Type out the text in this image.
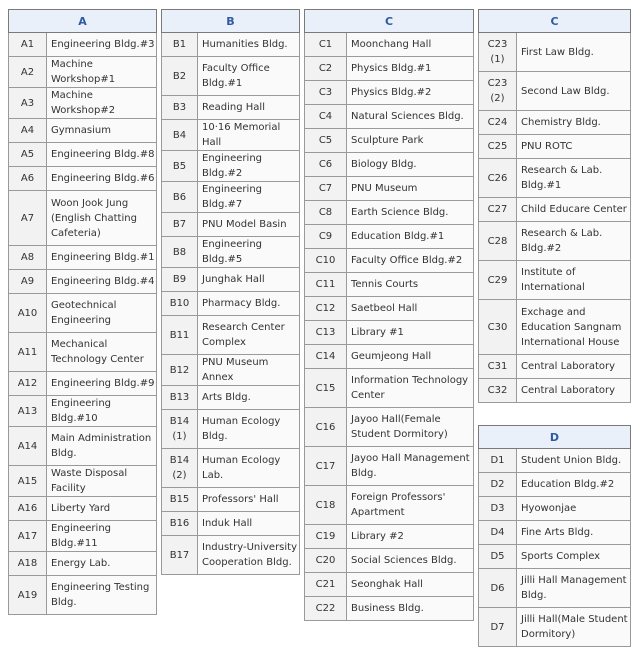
A	
A1	Engineering Bldg.#3
A2	Machine Workshop#1
A3	Machine Workshop#2
A4	Gymnasium
A5	Engineering Bldg.#8
A6	Engineering Bldg.#6
A7	Woon Jook Jung (English Chatting Cafeteria)
A8	Engineering Bldg.#1
A9	Engineering Bldg.#4
A10	Geotechnical Engineering
A11	Mechanical Technology Center
A12	Engineering Bldg.#9
A13	Engineering Bldg.#10
A14	Main Administration Bldg.
A15	Waste Disposal Facility
A16	Liberty Yard
A17	Engineering Bldg.#11
A18	Energy Lab.
A19	Engineering Testing Bldg.
B	
B1	Humanities Bldg.
B2	Faculty Office Bldg.#1
B3	Reading Hall
B4	10·16 Memorial Hall
B5	Engineering Bldg.#2
B6	Engineering Bldg.#7
B7	PNU Model Basin
B8	Engineering Bldg.#5
B9	Junghak Hall
B10	Pharmacy Bldg.
B11	Research Center Complex
B12	PNU Museum Annex
B13	Arts Bldg.
B14 (1)	Human Ecology Bldg.
B14 (2)	Human Ecology Lab.
B15	Professors' Hall
B16	Induk Hall
B17	Industry-University Cooperation Bldg.
C	
C1	Moonchang Hall
C2	Physics Bldg.#1
C3	Physics Bldg.#2
C4	Natural Sciences Bldg.
C5	Sculpture Park
C6	Biology Bldg.
C7	PNU Museum
C8	Earth Science Bldg.
C9	Education Bldg.#1
C10	Faculty Office Bldg.#2
C11	Tennis Courts
C12	Saetbeol Hall
C13	Library #1
C14	Geumjeong Hall
C15	Information Technology Center
C16	Jayoo Hall(Female Student Dormitory)
C17	Jayoo Hall Management Bldg.
C18	Foreign Professors' Apartment
C19	Library #2
C20	Social Sciences Bldg.
C21	Seonghak Hall
C22	Business Bldg.
C	
C23 (1)	First Law Bldg.
C23 (2)	Second Law Bldg.
C24	Chemistry Bldg.
C25	PNU ROTC
C26	Research & Lab. Bldg.#1
C27	Child Educare Center
C28	Research & Lab. Bldg.#2
C29	Institute of International
C30	Exchage and Education Sangnam International House
C31	Central Laboratory
C32	Central Laboratory
D	
D1	Student Union Bldg.
D2	Education Bldg.#2
D3	Hyowonjae
D4	Fine Arts Bldg.
D5	Sports Complex
D6	Jilli Hall Management Bldg.
D7	Jilli Hall(Male Student Dormitory)
